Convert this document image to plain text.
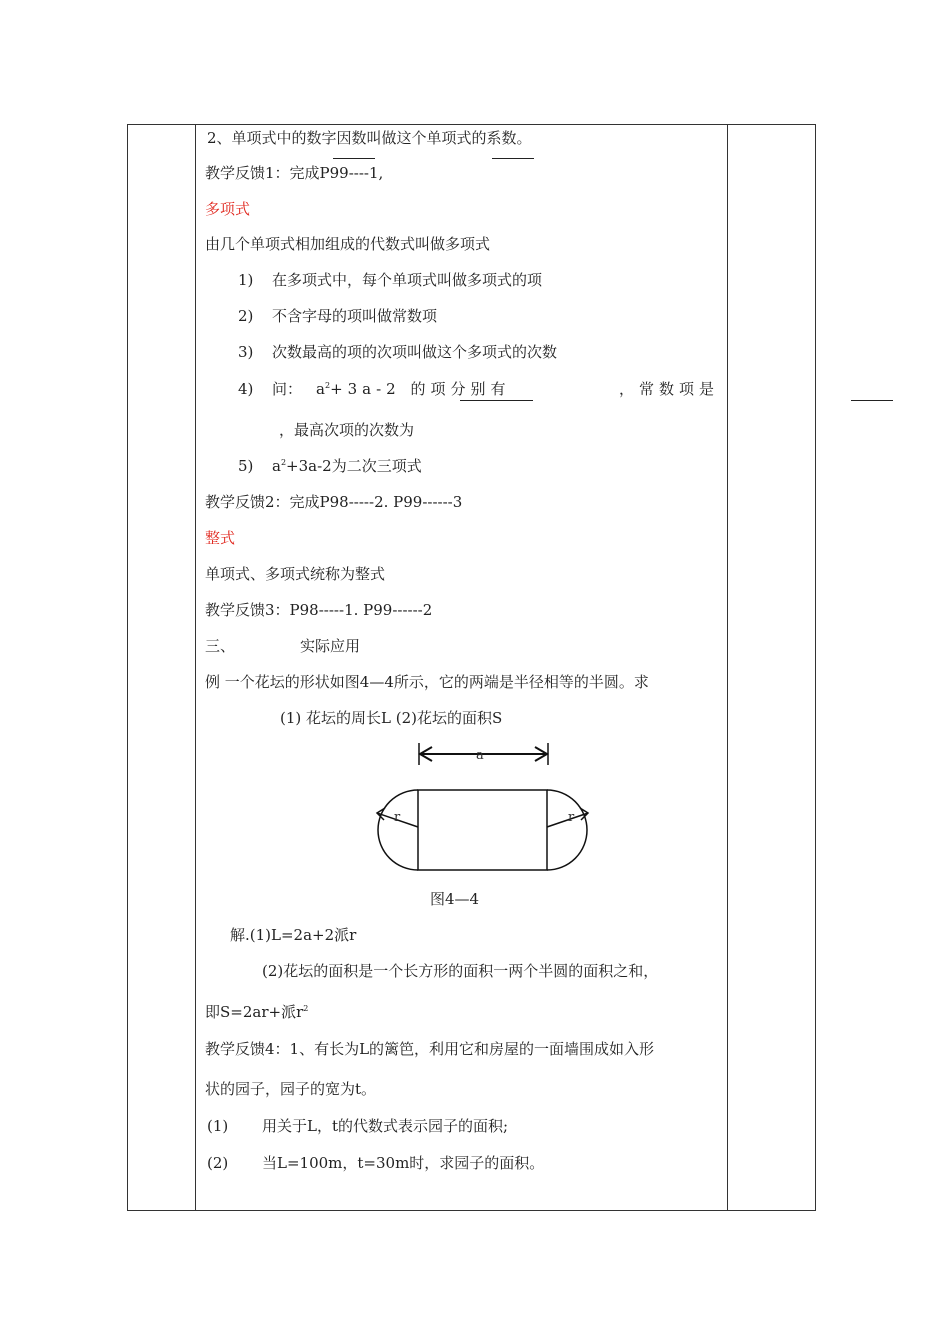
2、单项式中的数字因数叫做这个单项式的系数。
教学反馈1：完成P99----1,
多项式
由几个单项式相加组成的代数式叫做多项式
1) 在多项式中，每个单项式叫做多项式的项
2) 不含字母的项叫做常数项
3) 次数最高的项的次项叫做这个多项式的次数
4) 问： $a^2+3a-2$ 的项分别有	，常数项是
，最高次项的次数为
5) $a^2+3a-2$为二次三项式
教学反馈2：完成P98-----2. P99------3
整式
单项式、多项式统称为整式
教学反馈3：P98-----1. P99------2
三、	实际应用
例 一个花坛的形状如图4—4所示，它的两端是半径相等的半圆。求
(1) 花坛的周长L (2)花坛的面积S
a
r	r
图4—4
解.(1)L=2a+2派r
(2)花坛的面积是一个长方形的面积一两个半圆的面积之和，
即S=2ar+派$r^2$
教学反馈4：1、有长为L的篱笆，利用它和房屋的一面墙围成如入形
状的园子，园子的宽为t。
(1) 用关于L，t的代数式表示园子的面积;
(2) 当L=100m，t=30m时，求园子的面积。
